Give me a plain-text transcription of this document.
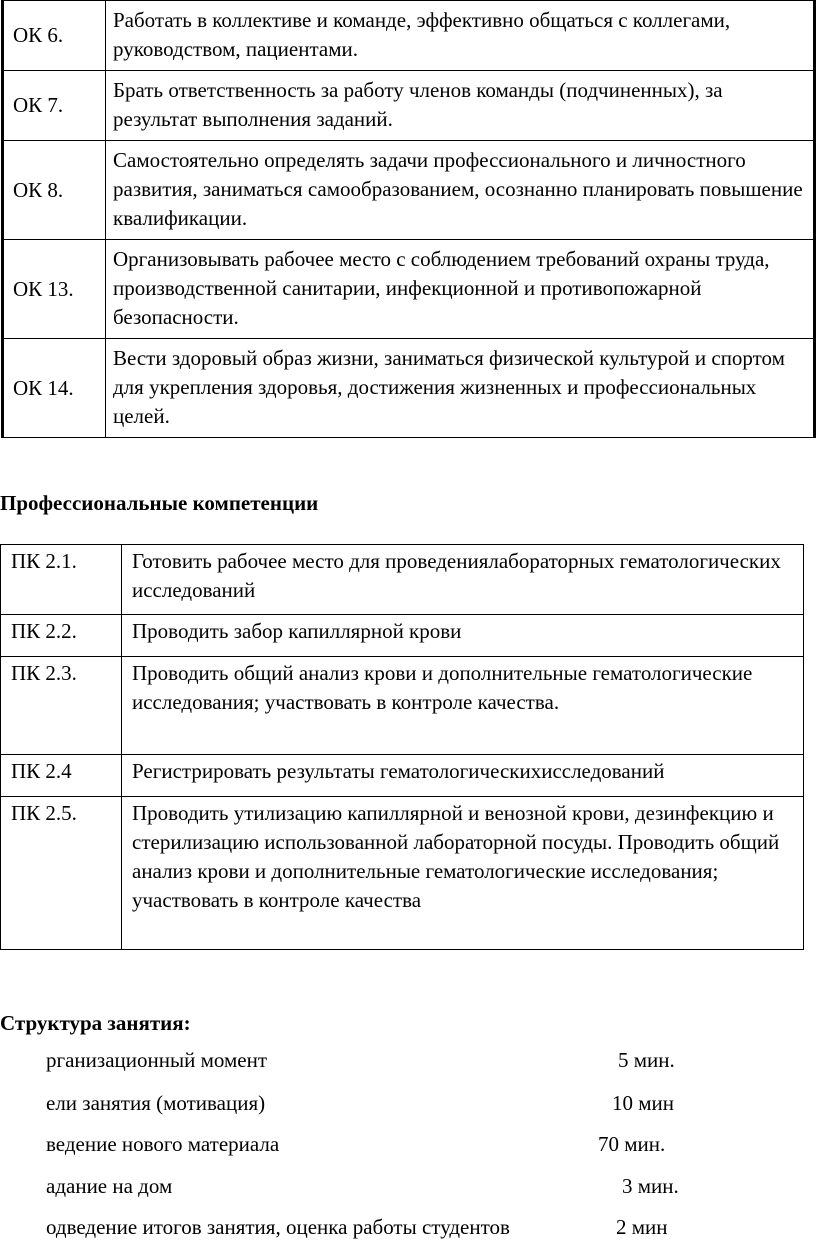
ОК 6.	Работать в коллективе и команде, эффективно общаться с коллегами, руководством, пациентами.
ОК 7.	Брать ответственность за работу членов команды (подчиненных), за результат выполнения заданий.
ОК 8.	Самостоятельно определять задачи профессионального и личностного развития, заниматься самообразованием, осознанно планировать повышение квалификации.
ОК 13.	Организовывать рабочее место с соблюдением требований охраны труда, производственной санитарии, инфекционной и противопожарной безопасности.
ОК 14.	Вести здоровый образ жизни, заниматься физической культурой и спортом для укрепления здоровья, достижения жизненных и профессиональных целей.

Профессиональные компетенции

ПК 2.1.	Готовить рабочее место для проведениялабораторных гематологических исследований
ПК 2.2.	Проводить забор капиллярной крови
ПК 2.3.	Проводить общий анализ крови и дополнительные гематологические исследования; участвовать в контроле качества.
ПК 2.4	Регистрировать результаты гематологическихисследований
ПК 2.5.	Проводить утилизацию капиллярной и венозной крови, дезинфекцию и стерилизацию использованной лабораторной посуды. Проводить общий анализ крови и дополнительные гематологические исследования; участвовать в контроле качества

Структура занятия:

рганизационный момент	5 мин.
ели занятия (мотивация)	10 мин
ведение нового материала	70 мин.
адание на дом	3 мин.
одведение итогов занятия, оценка работы студентов	2 мин
